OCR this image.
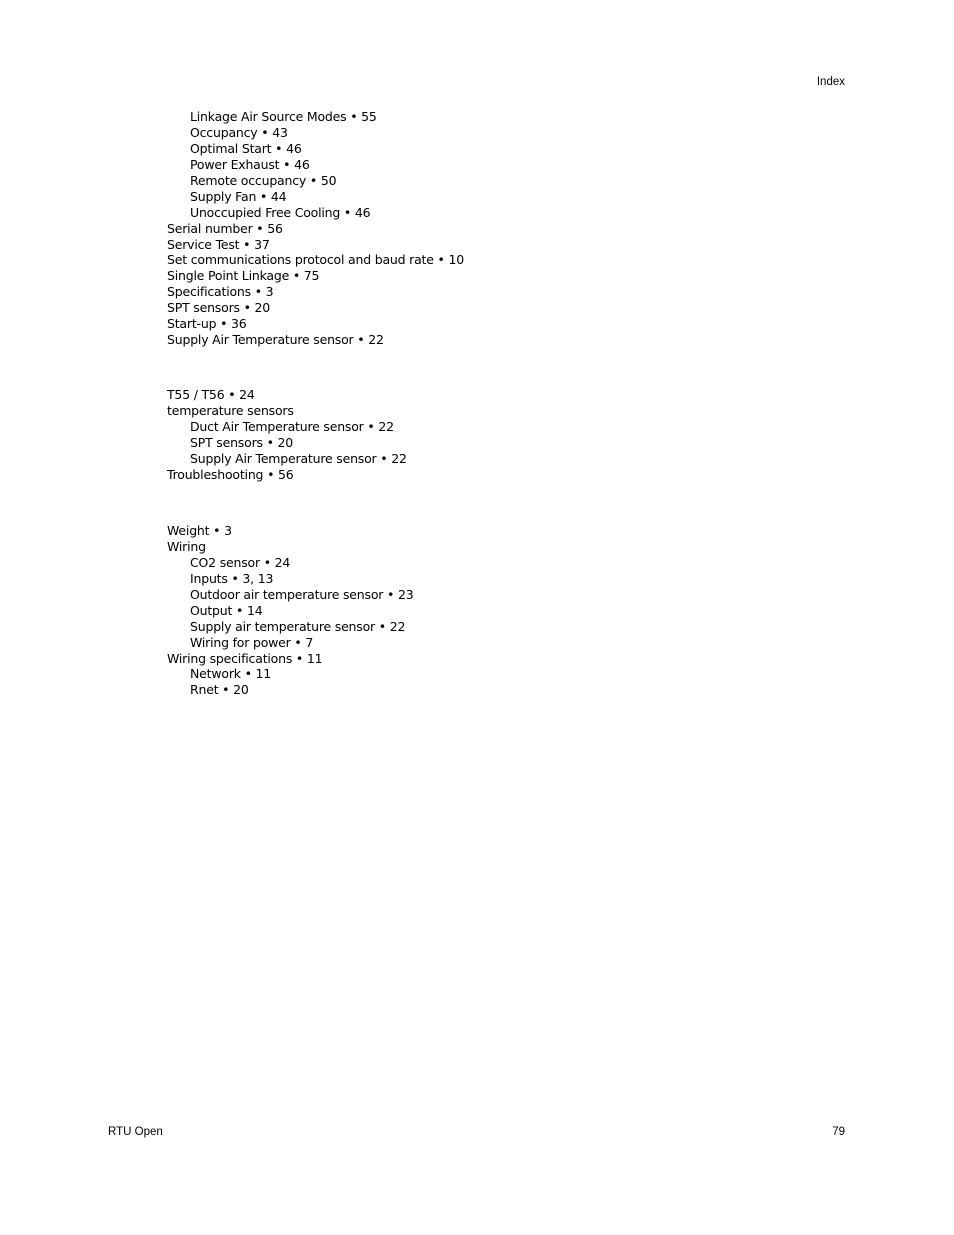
Index
Linkage Air Source Modes • 55
Occupancy • 43
Optimal Start • 46
Power Exhaust • 46
Remote occupancy • 50
Supply Fan • 44
Unoccupied Free Cooling • 46
Serial number • 56
Service Test • 37
Set communications protocol and baud rate • 10
Single Point Linkage • 75
Specifications • 3
SPT sensors • 20
Start-up • 36
Supply Air Temperature sensor • 22
T55 / T56 • 24
temperature sensors
Duct Air Temperature sensor • 22
SPT sensors • 20
Supply Air Temperature sensor • 22
Troubleshooting • 56
Weight • 3
Wiring
CO2 sensor • 24
Inputs • 3, 13
Outdoor air temperature sensor • 23
Output • 14
Supply air temperature sensor • 22
Wiring for power • 7
Wiring specifications • 11
Network • 11
Rnet • 20
RTU Open	79
